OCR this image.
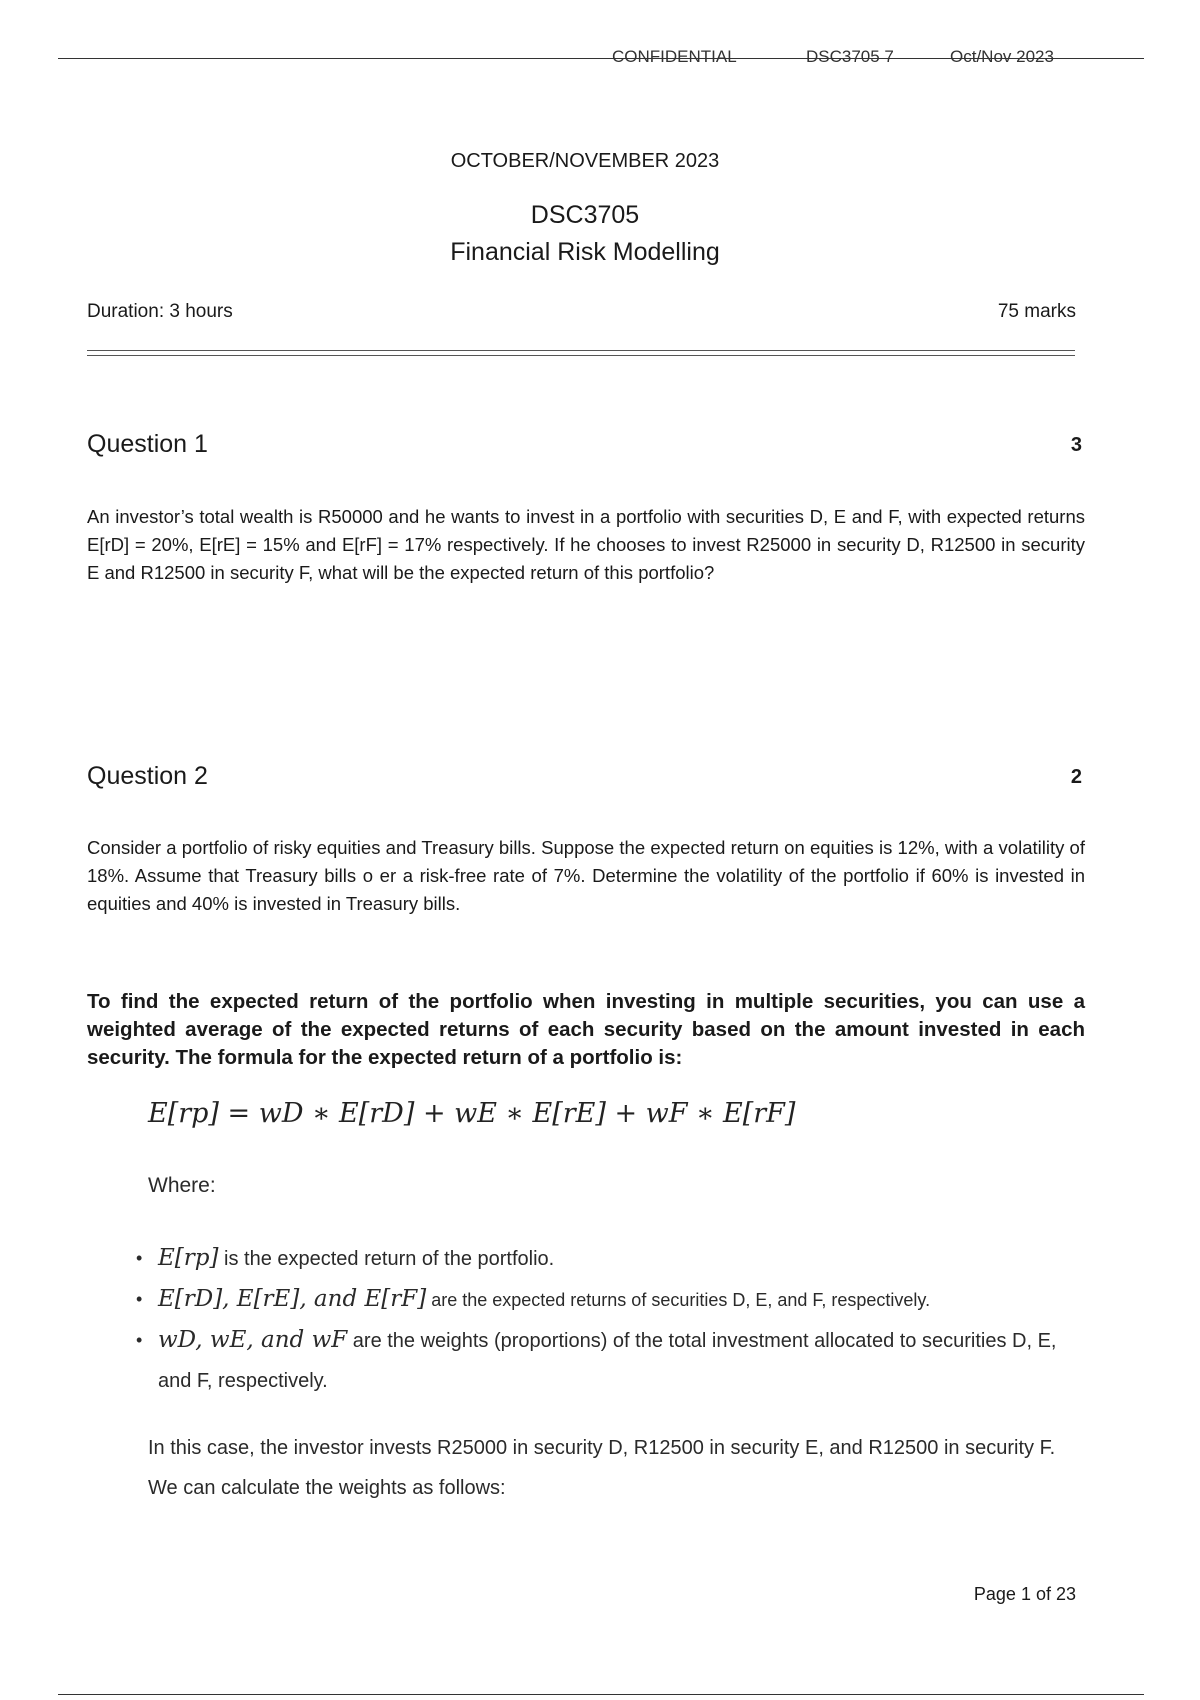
CONFIDENTIAL	DSC3705 7	Oct/Nov 2023
OCTOBER/NOVEMBER 2023
DSC3705
Financial Risk Modelling
Duration: 3 hours	75 marks
Question 1	3
An investor’s total wealth is R50000 and he wants to invest in a portfolio with securities D, E and F, with expected returns E[rD] = 20%, E[rE] = 15% and E[rF] = 17% respectively. If he chooses to invest R25000 in security D, R12500 in security E and R12500 in security F, what will be the expected return of this portfolio?
Question 2	2
Consider a portfolio of risky equities and Treasury bills. Suppose the expected return on equities is 12%, with a volatility of 18%. Assume that Treasury bills o er a risk-free rate of 7%. Determine the volatility of the portfolio if 60% is invested in equities and 40% is invested in Treasury bills.
To find the expected return of the portfolio when investing in multiple securities, you can use a weighted average of the expected returns of each security based on the amount invested in each security. The formula for the expected return of a portfolio is:
E[rp] = wD ∗ E[rD] + wE ∗ E[rE] + wF ∗ E[rF]
Where:
• E[rp] is the expected return of the portfolio.
• E[rD], E[rE], and E[rF] are the expected returns of securities D, E, and F, respectively.
• wD, wE, and wF are the weights (proportions) of the total investment allocated to securities D, E, and F, respectively.
In this case, the investor invests R25000 in security D, R12500 in security E, and R12500 in security F. We can calculate the weights as follows:
Page 1 of 23
